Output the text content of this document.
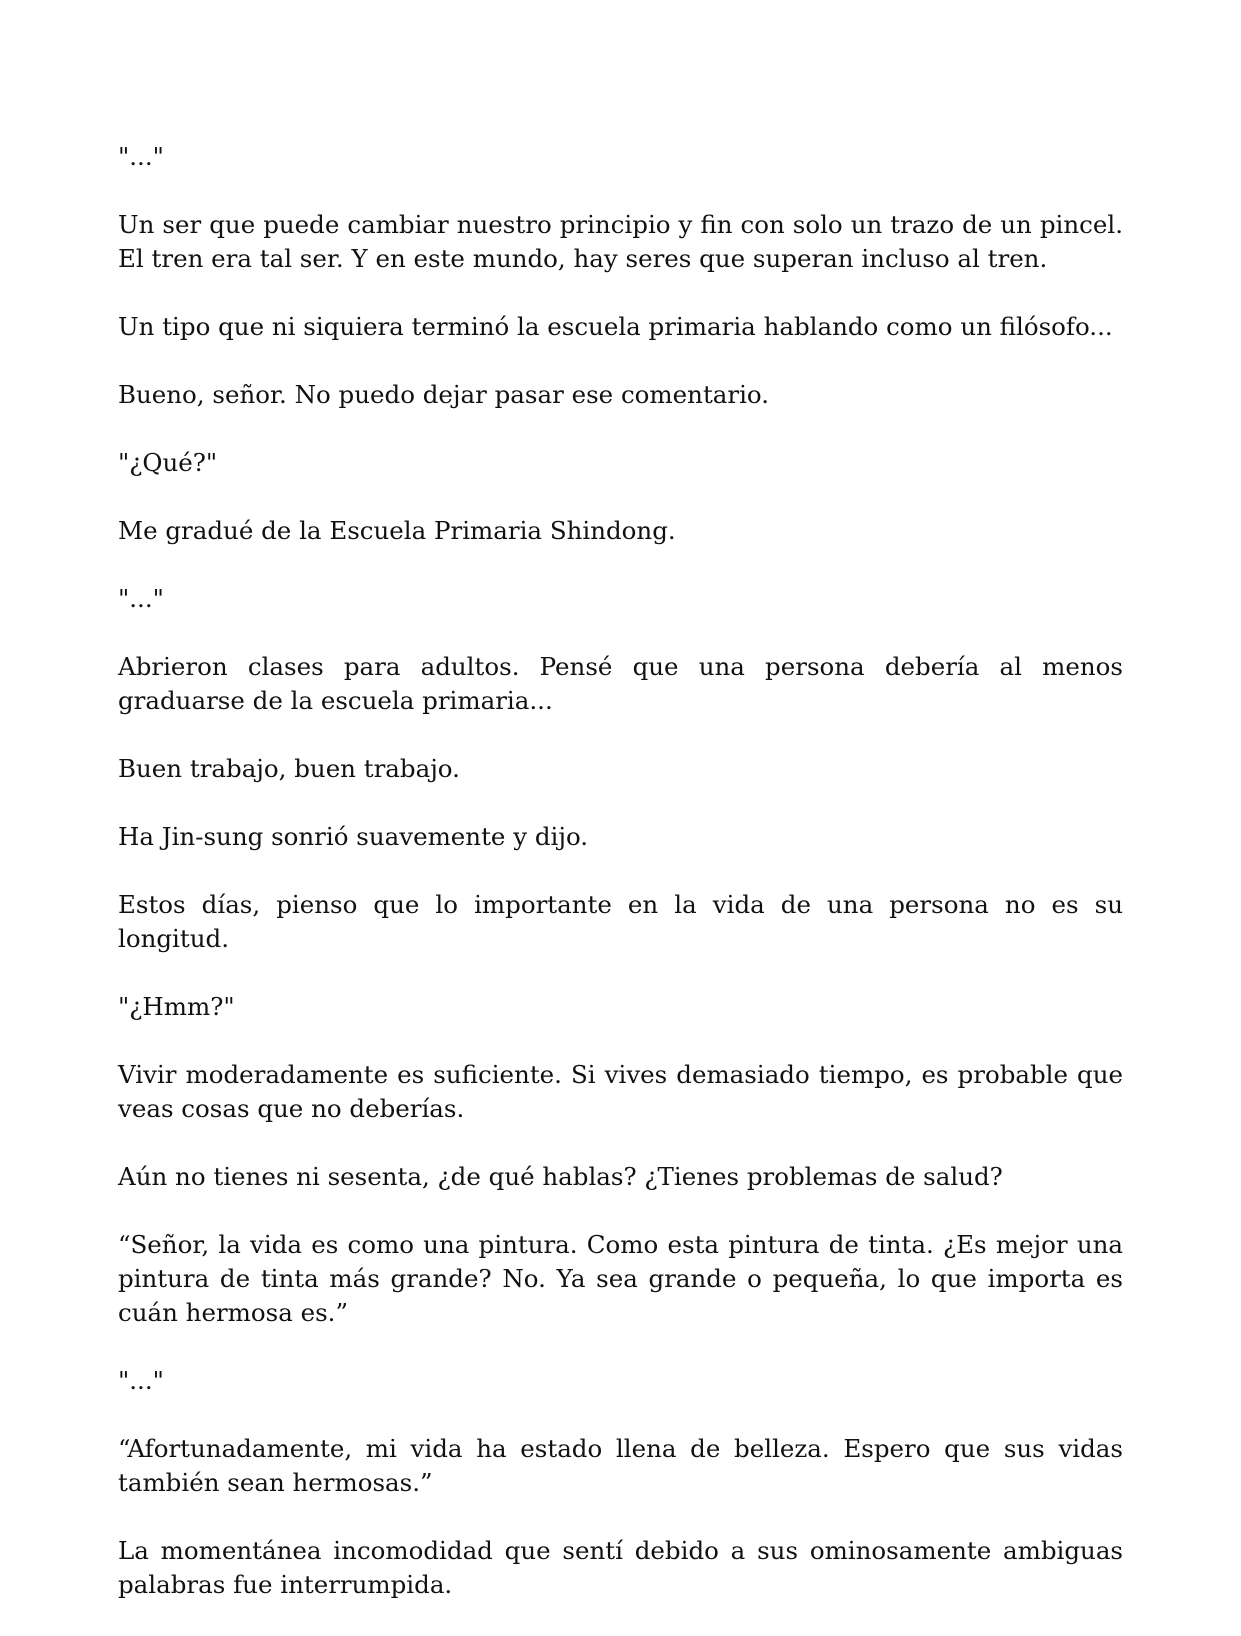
"..."

Un ser que puede cambiar nuestro principio y fin con solo un trazo de un pincel. El tren era tal ser. Y en este mundo, hay seres que superan incluso al tren.

Un tipo que ni siquiera terminó la escuela primaria hablando como un filósofo...

Bueno, señor. No puedo dejar pasar ese comentario.

"¿Qué?"

Me gradué de la Escuela Primaria Shindong.

"..."

Abrieron clases para adultos. Pensé que una persona debería al menos graduarse de la escuela primaria...

Buen trabajo, buen trabajo.

Ha Jin-sung sonrió suavemente y dijo.

Estos días, pienso que lo importante en la vida de una persona no es su longitud.

"¿Hmm?"

Vivir moderadamente es suficiente. Si vives demasiado tiempo, es probable que veas cosas que no deberías.

Aún no tienes ni sesenta, ¿de qué hablas? ¿Tienes problemas de salud?

“Señor, la vida es como una pintura. Como esta pintura de tinta. ¿Es mejor una pintura de tinta más grande? No. Ya sea grande o pequeña, lo que importa es cuán hermosa es.”

"..."

“Afortunadamente, mi vida ha estado llena de belleza. Espero que sus vidas también sean hermosas.”

La momentánea incomodidad que sentí debido a sus ominosamente ambiguas palabras fue interrumpida.
